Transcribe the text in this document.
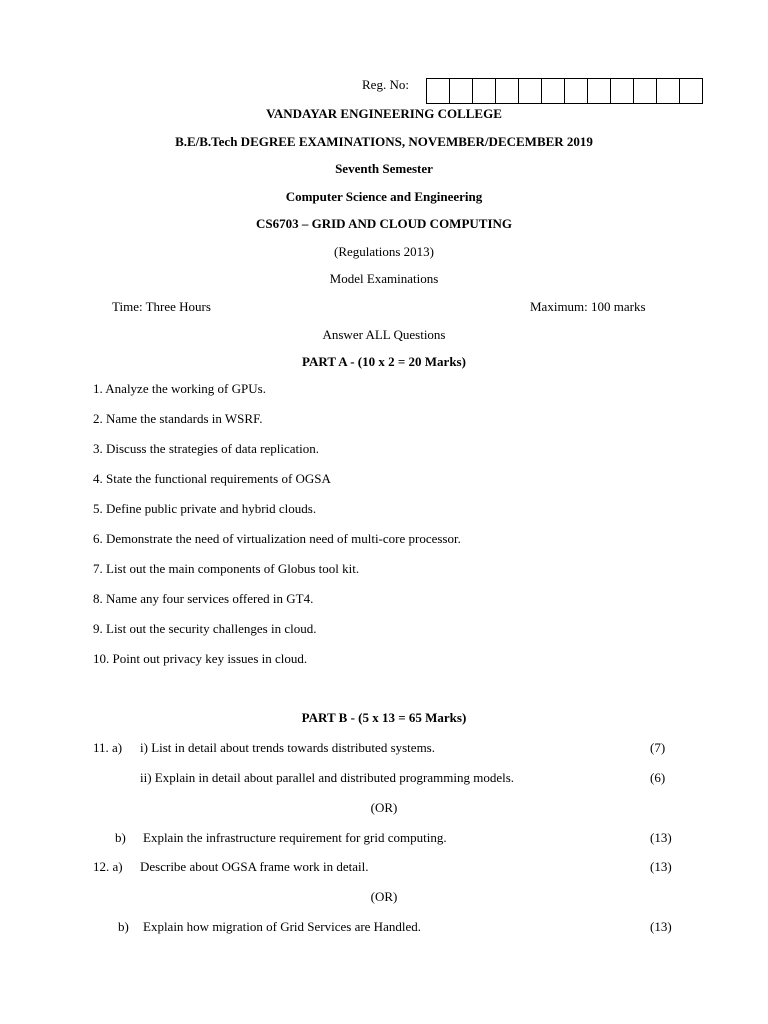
Reg. No:
VANDAYAR ENGINEERING COLLEGE
B.E/B.Tech DEGREE EXAMINATIONS, NOVEMBER/DECEMBER 2019
Seventh Semester
Computer Science and Engineering
CS6703 – GRID AND CLOUD COMPUTING
(Regulations 2013)
Model Examinations
Time: Three Hours	Maximum: 100 marks
Answer ALL Questions
PART A - (10 x 2 = 20 Marks)
1. Analyze the working of GPUs.
2. Name the standards in WSRF.
3. Discuss the strategies of data replication.
4. State the functional requirements of OGSA
5. Define public private and hybrid clouds.
6. Demonstrate the need of virtualization need of multi-core processor.
7. List out the main components of Globus tool kit.
8. Name any four services offered in GT4.
9. List out the security challenges in cloud.
10. Point out privacy key issues in cloud.
PART B - (5 x 13 = 65 Marks)
11. a) i) List in detail about trends towards distributed systems.	(7)
ii) Explain in detail about parallel and distributed programming models.	(6)
(OR)
b) Explain the infrastructure requirement for grid computing.	(13)
12. a) Describe about OGSA frame work in detail.	(13)
(OR)
b) Explain how migration of Grid Services are Handled.	(13)
